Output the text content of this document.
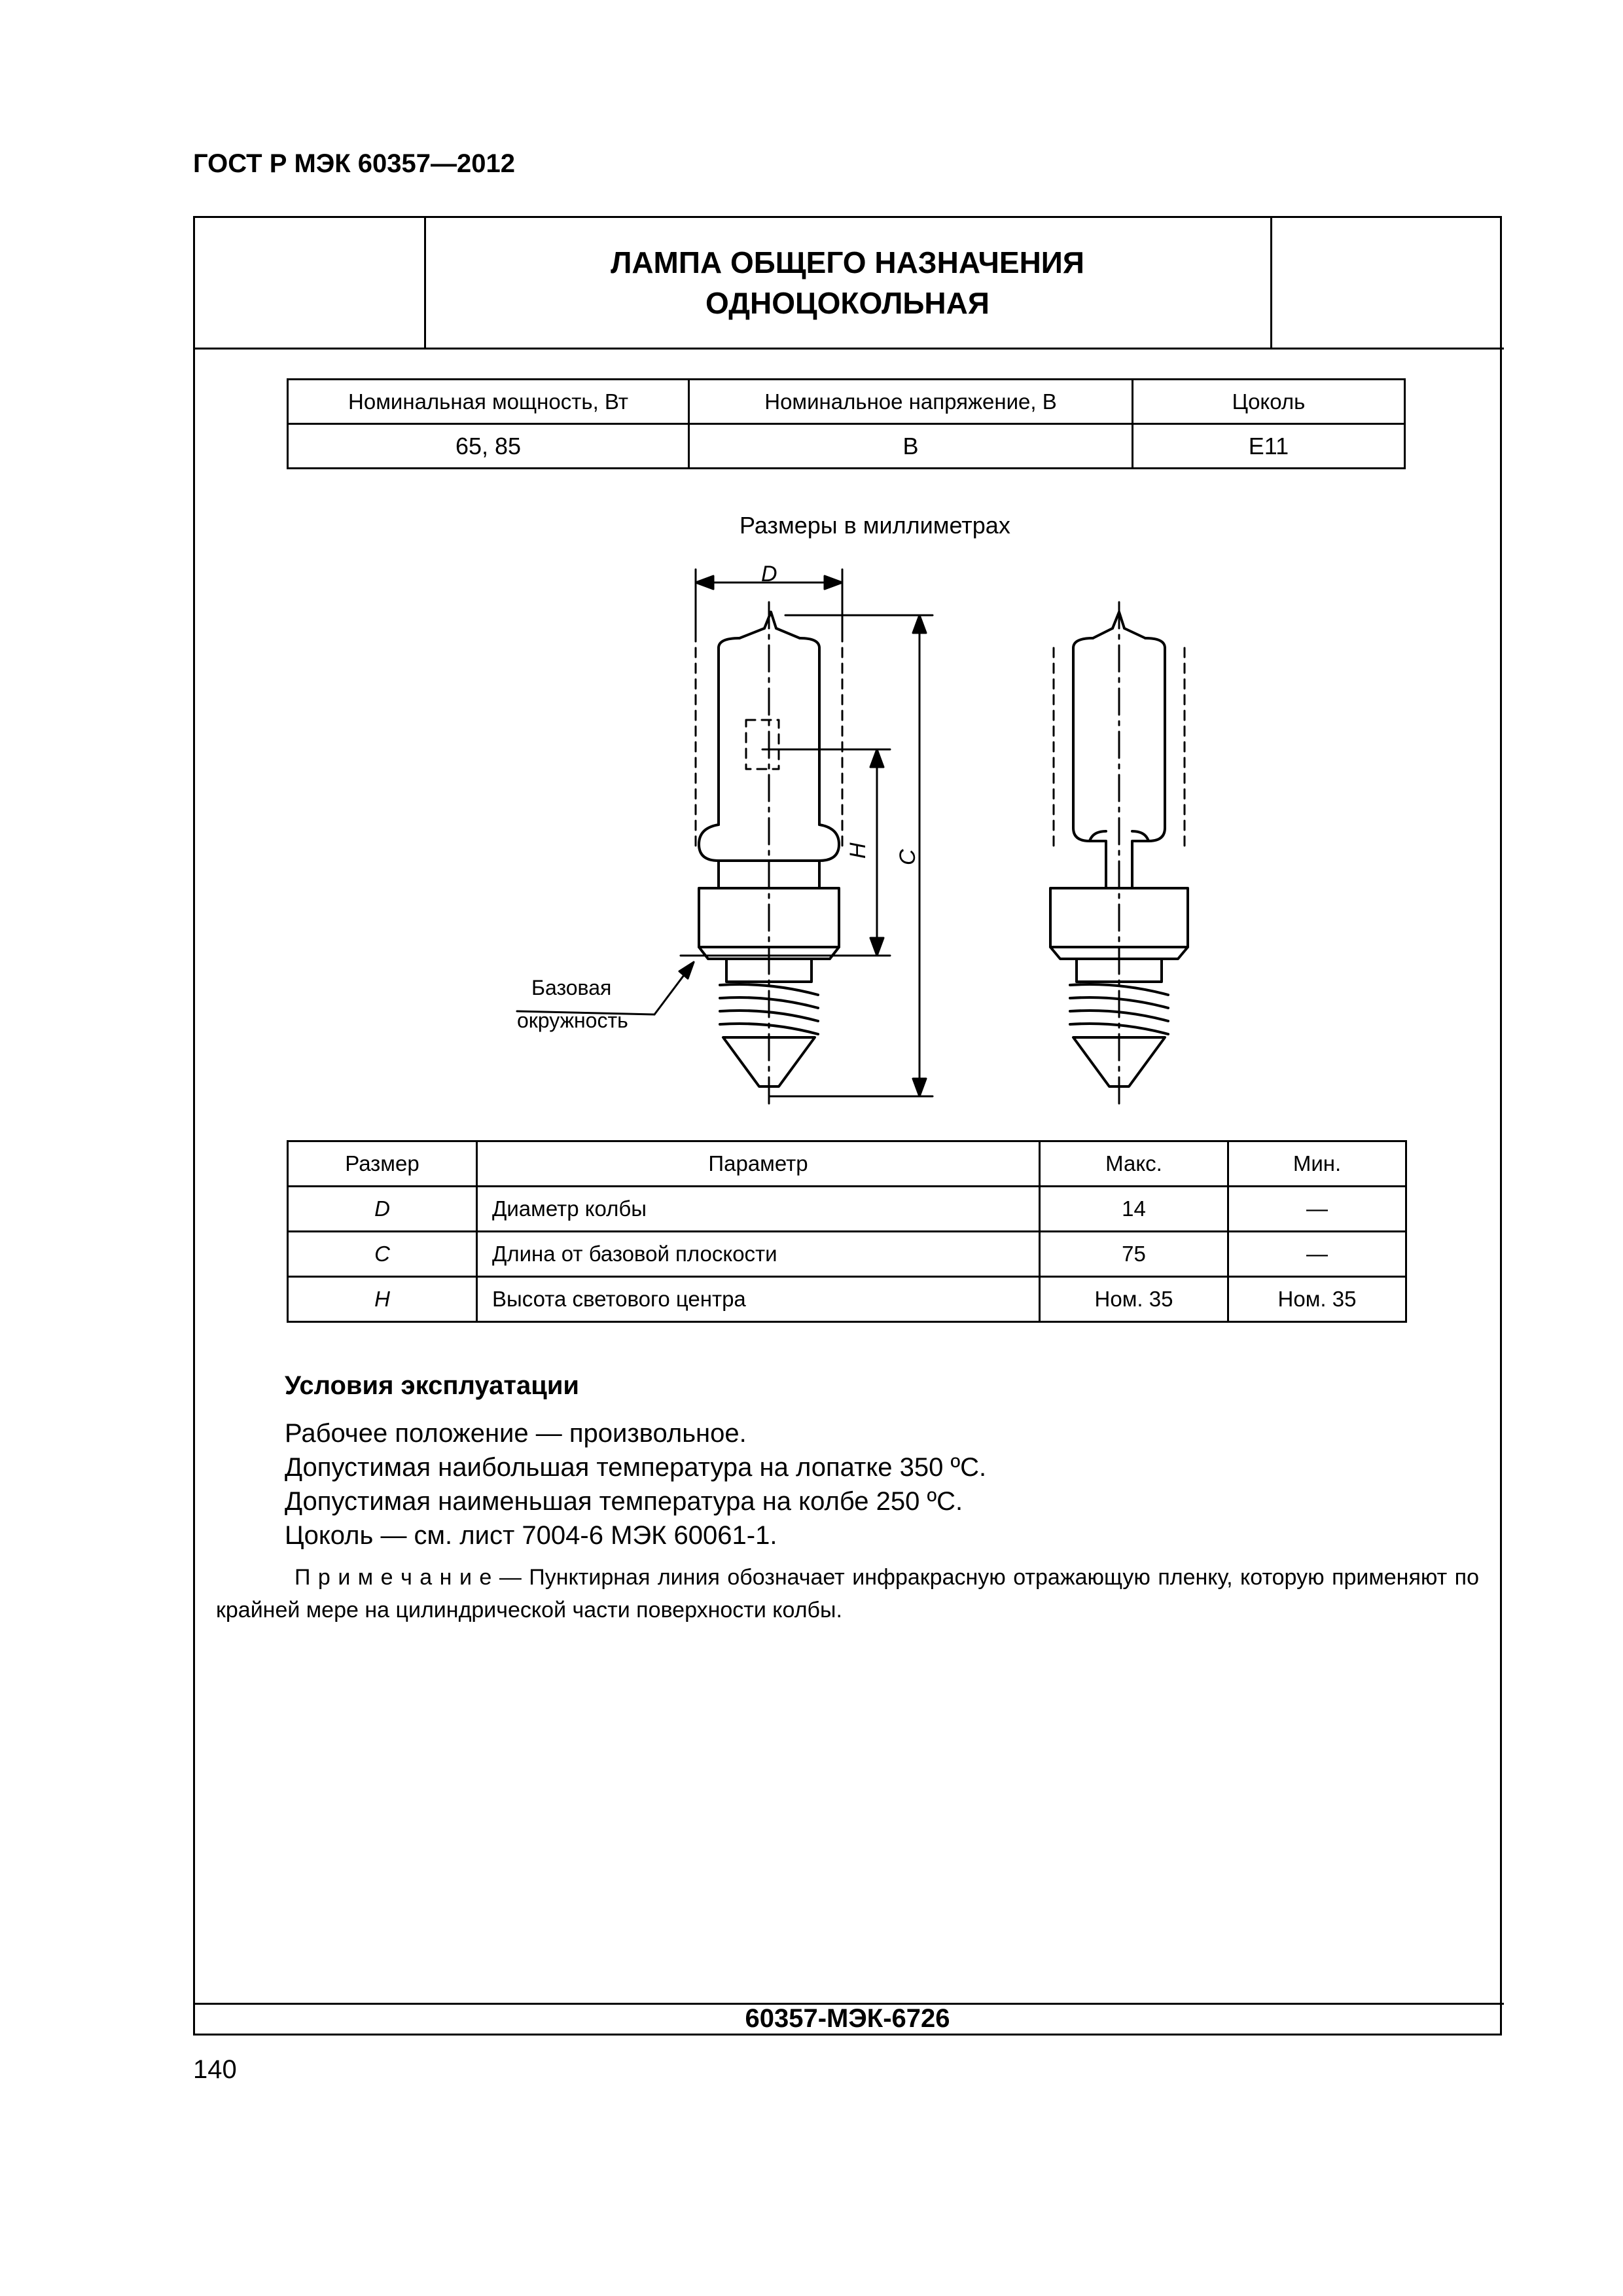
ГОСТ Р МЭК 60357—2012
ЛАМПА ОБЩЕГО НАЗНАЧЕНИЯ
ОДНОЦОКОЛЬНАЯ
Номинальная мощность, Вт	Номинальное напряжение, В	Цоколь
65, 85	B	E11
Размеры в миллиметрах
D
H C
Базовая
окружность
Размер	Параметр	Макс.	Мин.
D	Диаметр колбы	14	—
C	Длина от базовой плоскости	75	—
H	Высота светового центра	Ном. 35	Ном. 35
Условия эксплуатации
Рабочее положение — произвольное.
Допустимая наибольшая температура на лопатке 350 ºС.
Допустимая наименьшая температура на колбе 250 ºС.
Цоколь — см. лист 7004-6 МЭК 60061-1.
П р и м е ч а н и е — Пунктирная линия обозначает инфракрасную отражающую пленку, которую применяют по крайней мере на цилиндрической части поверхности колбы.
60357-МЭК-6726
140
